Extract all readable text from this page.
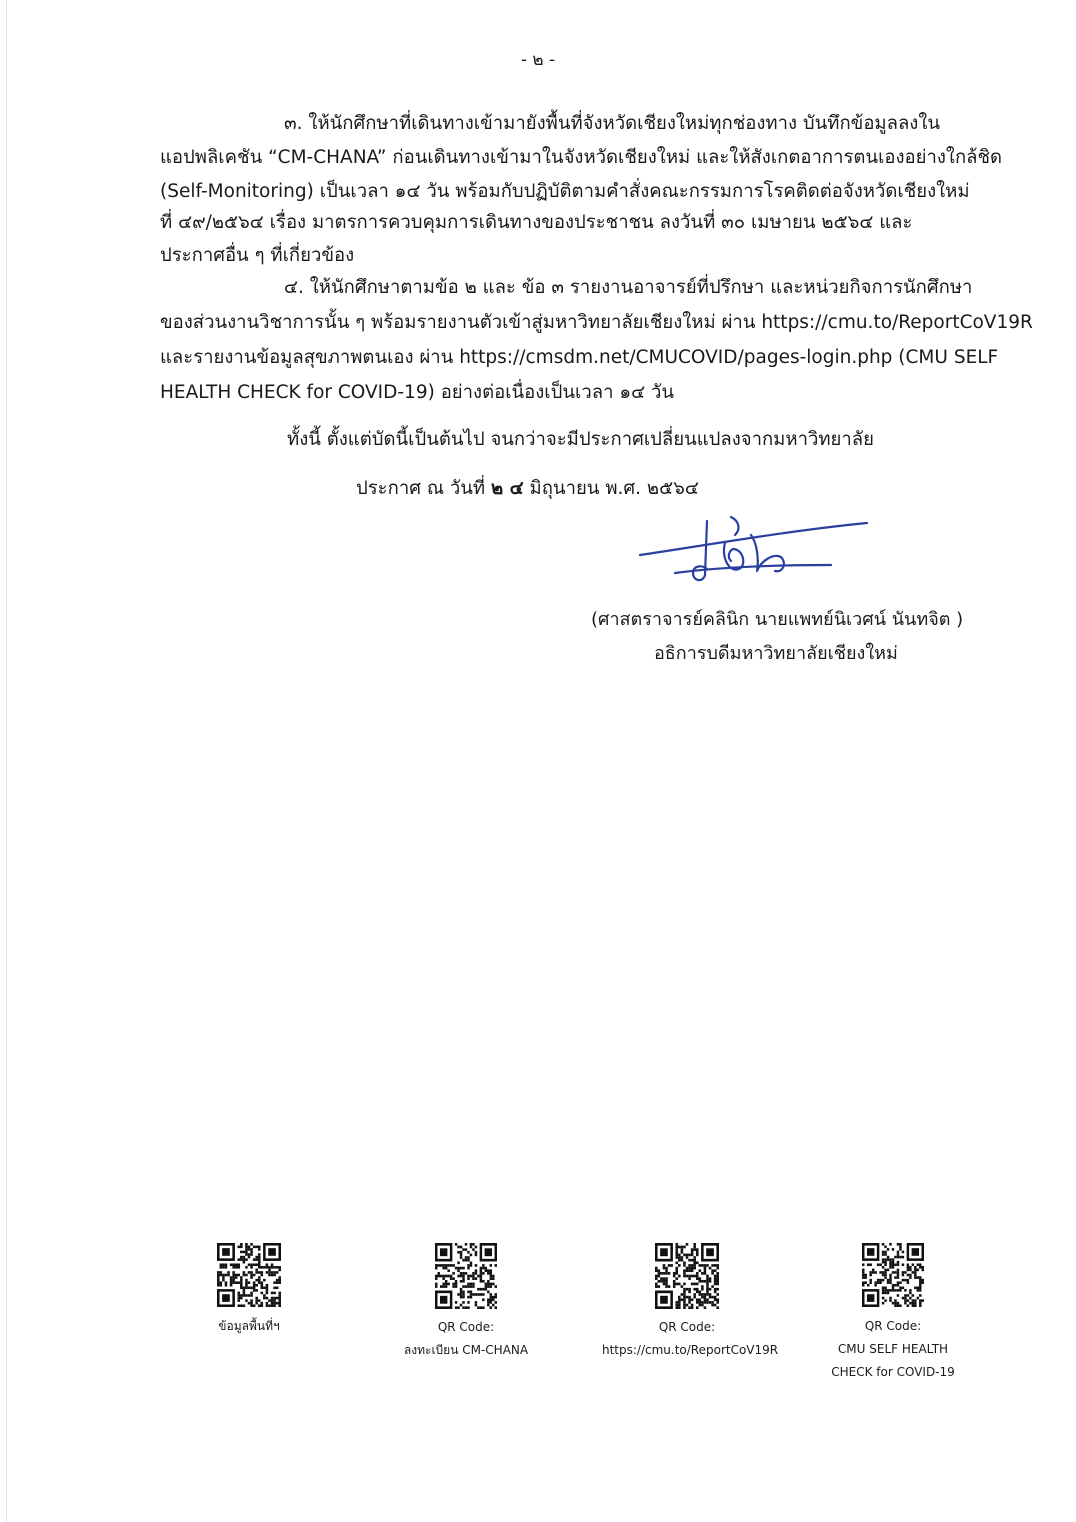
- ๒ -
๓. ให้นักศึกษาที่เดินทางเข้ามายังพื้นที่จังหวัดเชียงใหม่ทุกช่องทาง บันทึกข้อมูลลงใน
แอปพลิเคชัน “CM-CHANA” ก่อนเดินทางเข้ามาในจังหวัดเชียงใหม่ และให้สังเกตอาการตนเองอย่างใกล้ชิด
(Self-Monitoring) เป็นเวลา ๑๔ วัน พร้อมกับปฏิบัติตามคำสั่งคณะกรรมการโรคติดต่อจังหวัดเชียงใหม่
ที่ ๔๙/๒๕๖๔ เรื่อง มาตรการควบคุมการเดินทางของประชาชน ลงวันที่ ๓๐ เมษายน ๒๕๖๔ และ
ประกาศอื่น ๆ ที่เกี่ยวข้อง
๔. ให้นักศึกษาตามข้อ ๒ และ ข้อ ๓ รายงานอาจารย์ที่ปรึกษา และหน่วยกิจการนักศึกษา
ของส่วนงานวิชาการนั้น ๆ พร้อมรายงานตัวเข้าสู่มหาวิทยาลัยเชียงใหม่ ผ่าน https://cmu.to/ReportCoV19R
และรายงานข้อมูลสุขภาพตนเอง ผ่าน https://cmsdm.net/CMUCOVID/pages-login.php (CMU SELF
HEALTH CHECK for COVID-19) อย่างต่อเนื่องเป็นเวลา ๑๔ วัน
ทั้งนี้ ตั้งแต่บัดนี้เป็นต้นไป จนกว่าจะมีประกาศเปลี่ยนแปลงจากมหาวิทยาลัย
ประกาศ ณ วันที่ ๒ ๔ มิถุนายน พ.ศ. ๒๕๖๔
(ศาสตราจารย์คลินิก นายแพทย์นิเวศน์ นันทจิต )
อธิการบดีมหาวิทยาลัยเชียงใหม่
ข้อมูลพื้นที่ฯ	QR Code:
ลงทะเบียน CM-CHANA
QR Code:
https://cmu.to/ReportCoV19R
QR Code:
CMU SELF HEALTH
CHECK for COVID-19
